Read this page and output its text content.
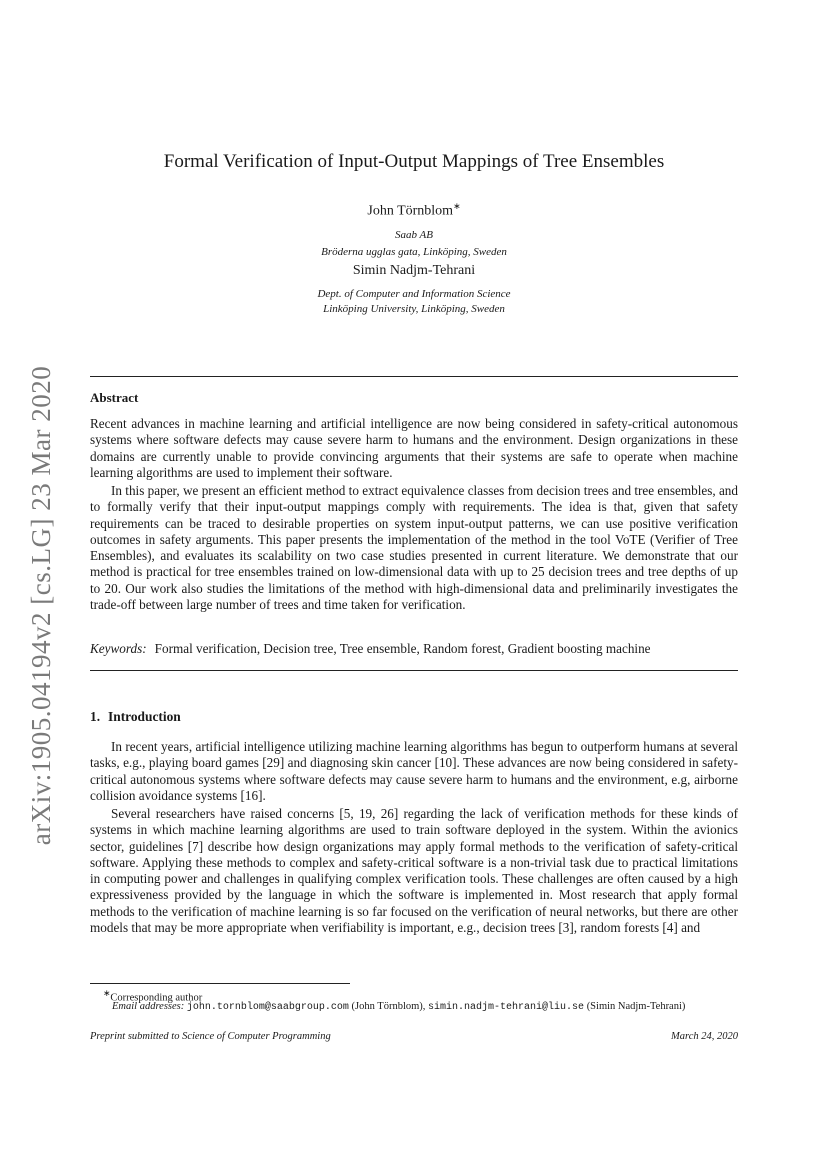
arXiv:1905.04194v2 [cs.LG] 23 Mar 2020
Formal Verification of Input-Output Mappings of Tree Ensembles
John Törnblom∗
Saab AB
Bröderna ugglas gata, Linköping, Sweden
Simin Nadjm-Tehrani
Dept. of Computer and Information Science
Linköping University, Linköping, Sweden
Abstract
Recent advances in machine learning and artificial intelligence are now being considered in safety-critical autonomous systems where software defects may cause severe harm to humans and the environment. Design organizations in these domains are currently unable to provide convincing arguments that their systems are safe to operate when machine learning algorithms are used to implement their software.
In this paper, we present an efficient method to extract equivalence classes from decision trees and tree ensembles, and to formally verify that their input-output mappings comply with requirements. The idea is that, given that safety requirements can be traced to desirable properties on system input-output patterns, we can use positive verification outcomes in safety arguments. This paper presents the implementation of the method in the tool VoTE (Verifier of Tree Ensembles), and evaluates its scalability on two case studies presented in current literature. We demonstrate that our method is practical for tree ensembles trained on low-dimensional data with up to 25 decision trees and tree depths of up to 20. Our work also studies the limitations of the method with high-dimensional data and preliminarily investigates the trade-off between large number of trees and time taken for verification.
Keywords: Formal verification, Decision tree, Tree ensemble, Random forest, Gradient boosting machine
1. Introduction
In recent years, artificial intelligence utilizing machine learning algorithms has begun to outperform humans at several tasks, e.g., playing board games [29] and diagnosing skin cancer [10]. These advances are now being considered in safety-critical autonomous systems where software defects may cause severe harm to humans and the environment, e.g, airborne collision avoidance systems [16].
Several researchers have raised concerns [5, 19, 26] regarding the lack of verification methods for these kinds of systems in which machine learning algorithms are used to train software deployed in the system. Within the avionics sector, guidelines [7] describe how design organizations may apply formal methods to the verification of safety-critical software. Applying these methods to complex and safety-critical software is a non-trivial task due to practical limitations in computing power and challenges in qualifying complex verification tools. These challenges are often caused by a high expressiveness provided by the language in which the software is implemented in. Most research that apply formal methods to the verification of machine learning is so far focused on the verification of neural networks, but there are other models that may be more appropriate when verifiability is important, e.g., decision trees [3], random forests [4] and
∗Corresponding author
Email addresses: john.tornblom@saabgroup.com (John Törnblom), simin.nadjm-tehrani@liu.se (Simin Nadjm-Tehrani)
Preprint submitted to Science of Computer Programming	March 24, 2020
